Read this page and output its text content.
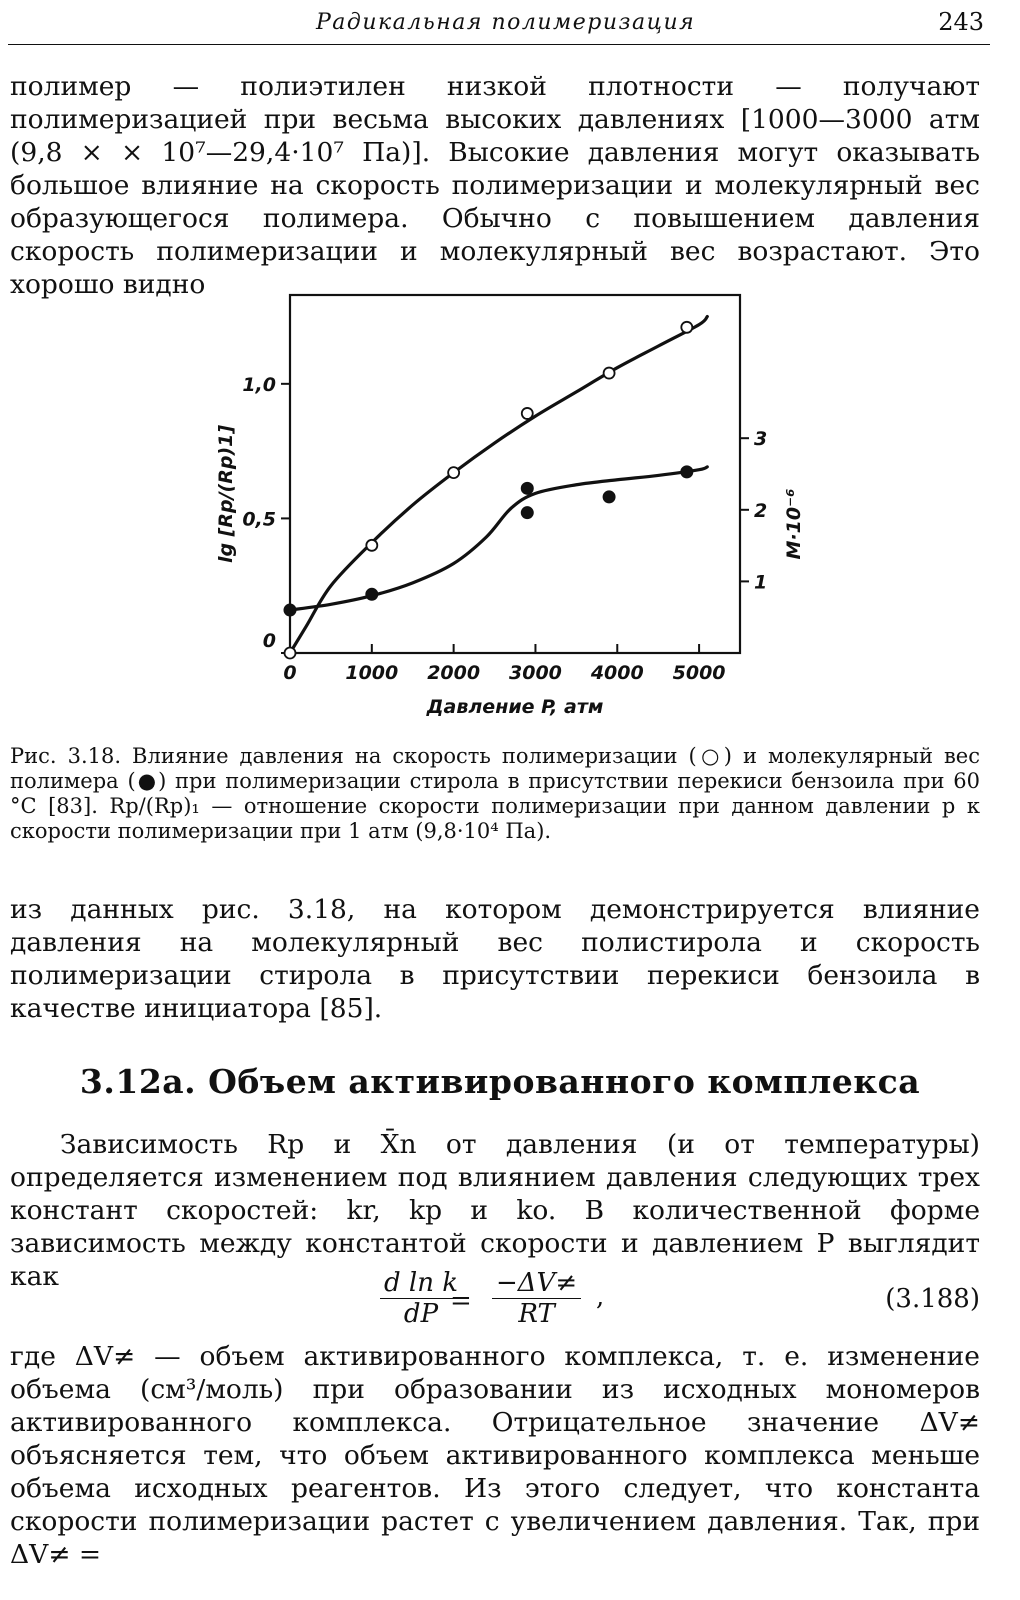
Радикальная полимеризация	243

полимер — полиэтилен низкой плотности — получают полимеризацией при весьма высоких давлениях [1000—3000 атм (9,8 × × 10⁷—29,4·10⁷ Па)]. Высокие давления могут оказывать большое влияние на скорость полимеризации и молекулярный вес образующегося полимера. Обычно с повышением давления скорость полимеризации и молекулярный вес возрастают. Это хорошо видно

0	1000 2000 3000 4000 5000
0
0,5
1,0
1
2
3
Давление P, атм
lg [Rp/(Rp)1]	M·10⁻⁶

Рис. 3.18. Влияние давления на скорость полимеризации (○) и молекулярный вес полимера (●) при полимеризации стирола в присутствии перекиси бензоила при 60 °C [83]. Rp/(Rp)₁ — отношение скорости полимеризации при данном давлении p к скорости полимеризации при 1 атм (9,8·10⁴ Па).

из данных рис. 3.18, на котором демонстрируется влияние давления на молекулярный вес полистирола и скорость полимеризации стирола в присутствии перекиси бензоила в качестве инициатора [85].

3.12а. Объем активированного комплекса

Зависимость Rp и X̄n от давления (и от температуры) определяется изменением под влиянием давления следующих трех констант скоростей: kr, kp и ko. В количественной форме зависимость между константой скорости и давлением P выглядит как	$\frac{\text{d ln k}}{dP}$
= $\frac{-\Delta V\ne}{RT}$ ,	(3.188)

где ΔV≠ — объем активированного комплекса, т. е. изменение объема (см³/моль) при образовании из исходных мономеров активированного комплекса. Отрицательное значение ΔV≠ объясняется тем, что объем активированного комплекса меньше объема исходных реагентов. Из этого следует, что константа скорости полимеризации растет с увеличением давления. Так, при ΔV≠ =
